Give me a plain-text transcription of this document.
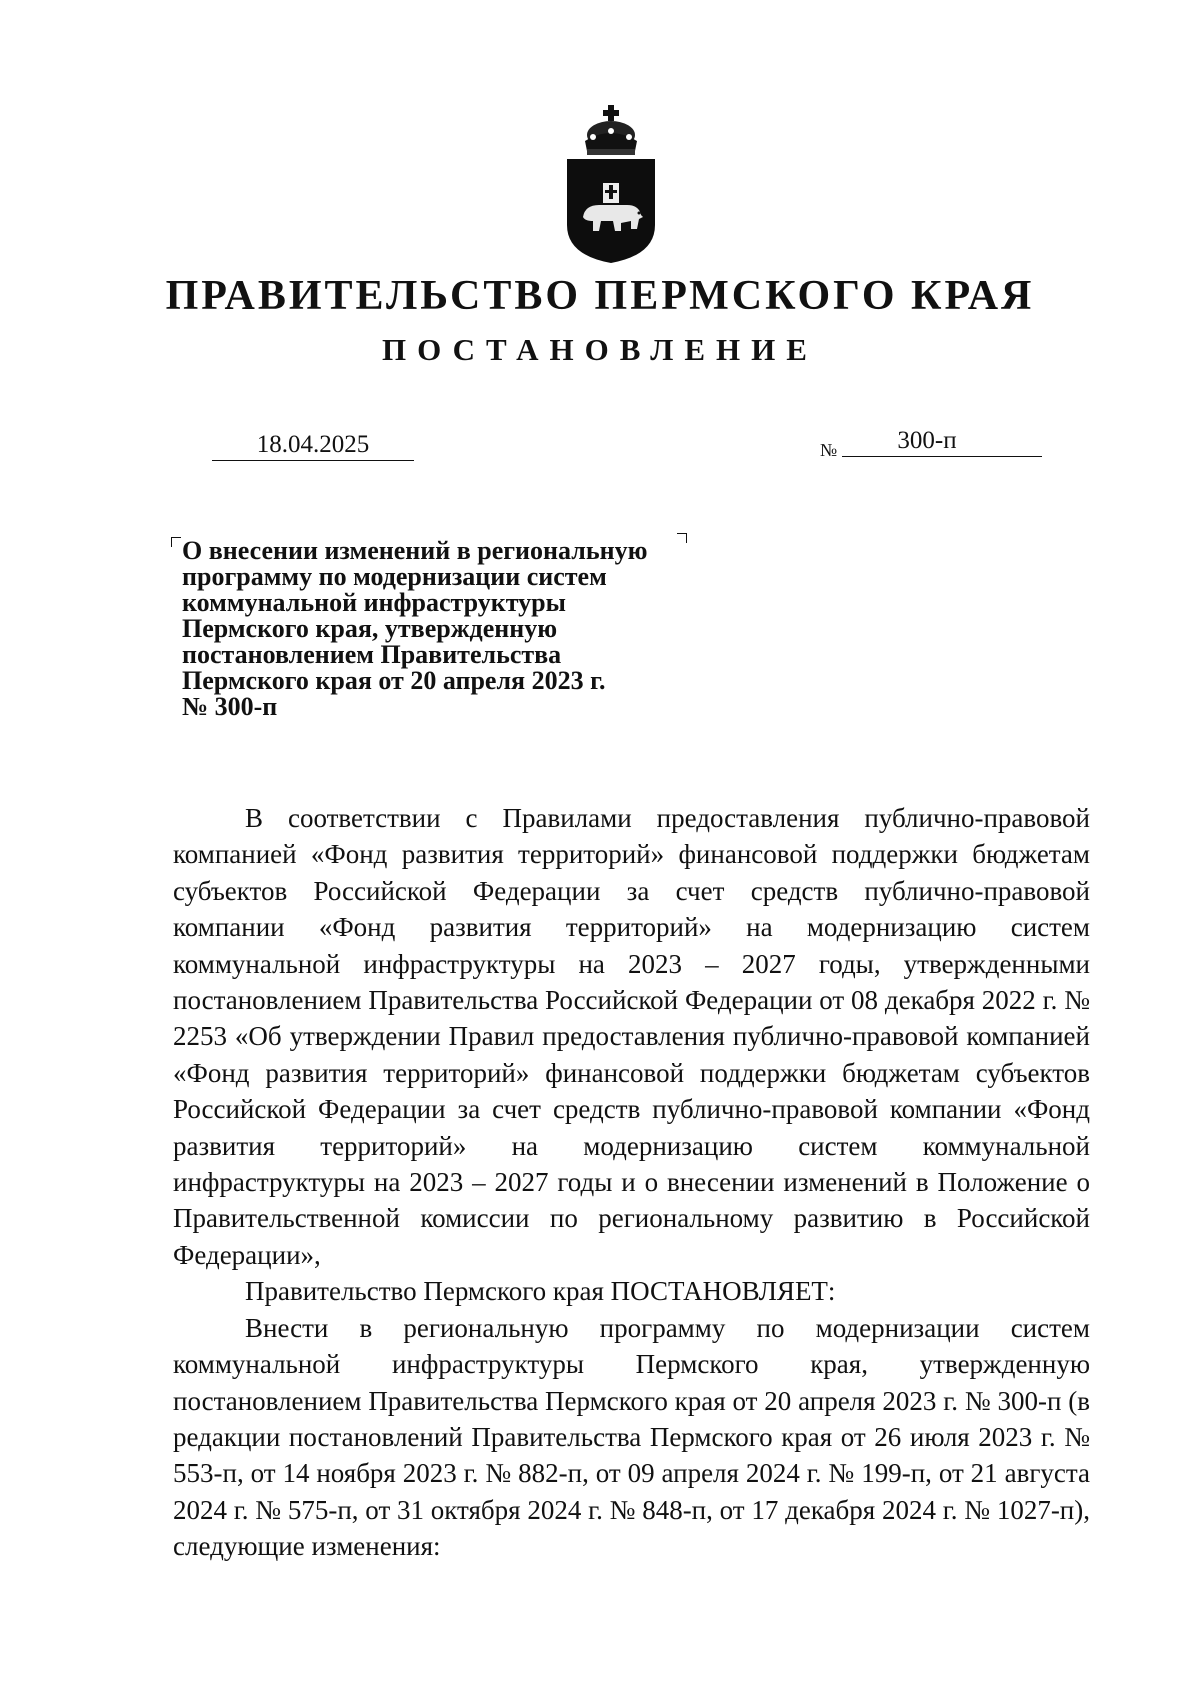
ПРАВИТЕЛЬСТВО ПЕРМСКОГО КРАЯ
ПОСТАНОВЛЕНИЕ
18.04.2025	№	300-п
О внесении изменений в региональную
программу по модернизации систем
коммунальной инфраструктуры
Пермского края, утвержденную
постановлением Правительства
Пермского края от 20 апреля 2023 г.
№ 300-п

В соответствии с Правилами предоставления публично-правовой компанией «Фонд развития территорий» финансовой поддержки бюджетам субъектов Российской Федерации за счет средств публично-правовой компании «Фонд развития территорий» на модернизацию систем коммунальной инфраструктуры на 2023 – 2027 годы, утвержденными постановлением Правительства Российской Федерации от 08 декабря 2022 г. № 2253 «Об утверждении Правил предоставления публично-правовой компанией «Фонд развития территорий» финансовой поддержки бюджетам субъектов Российской Федерации за счет средств публично-правовой компании «Фонд развития территорий» на модернизацию систем коммунальной инфраструктуры на 2023 – 2027 годы и о внесении изменений в Положение о Правительственной комиссии по региональному развитию в Российской Федерации»,

Правительство Пермского края ПОСТАНОВЛЯЕТ:

Внести в региональную программу по модернизации систем коммунальной инфраструктуры Пермского края, утвержденную постановлением Правительства Пермского края от 20 апреля 2023 г. № 300-п (в редакции постановлений Правительства Пермского края от 26 июля 2023 г. № 553-п, от 14 ноября 2023 г. № 882-п, от 09 апреля 2024 г. № 199-п, от 21 августа 2024 г. № 575-п, от 31 октября 2024 г. № 848-п, от 17 декабря 2024 г. № 1027-п), следующие изменения:
